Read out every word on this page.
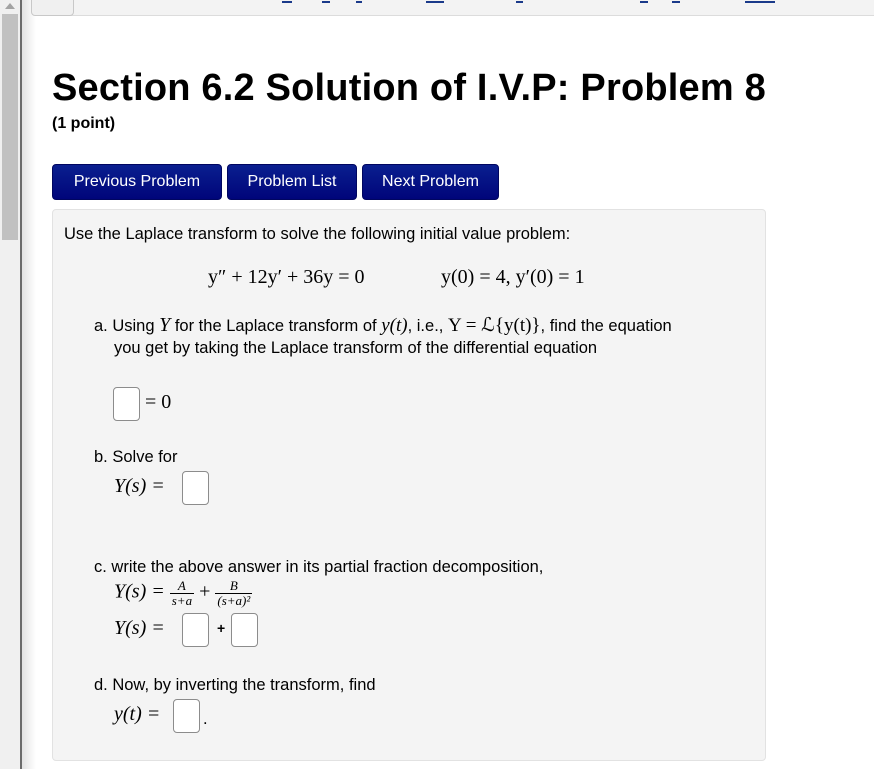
Section 6.2 Solution of I.V.P: Problem 8
(1 point)
Previous Problem	Problem List	Next Problem
Use the Laplace transform to solve the following initial value problem:
y″ + 12y′ + 36y = 0	y(0) = 4, y′(0) = 1
a. Using Y for the Laplace transform of y(t), i.e., Y = ℒ{y(t)}, find the equation
you get by taking the Laplace transform of the differential equation
= 0
b. Solve for
Y(s) =
c. write the above answer in its partial fraction decomposition,
$Y(s) = \frac{A}{s+a} + \frac{B}{\text{(s+a)²}}$
Y(s) =	+
d. Now, by inverting the transform, find
y(t) =	.
